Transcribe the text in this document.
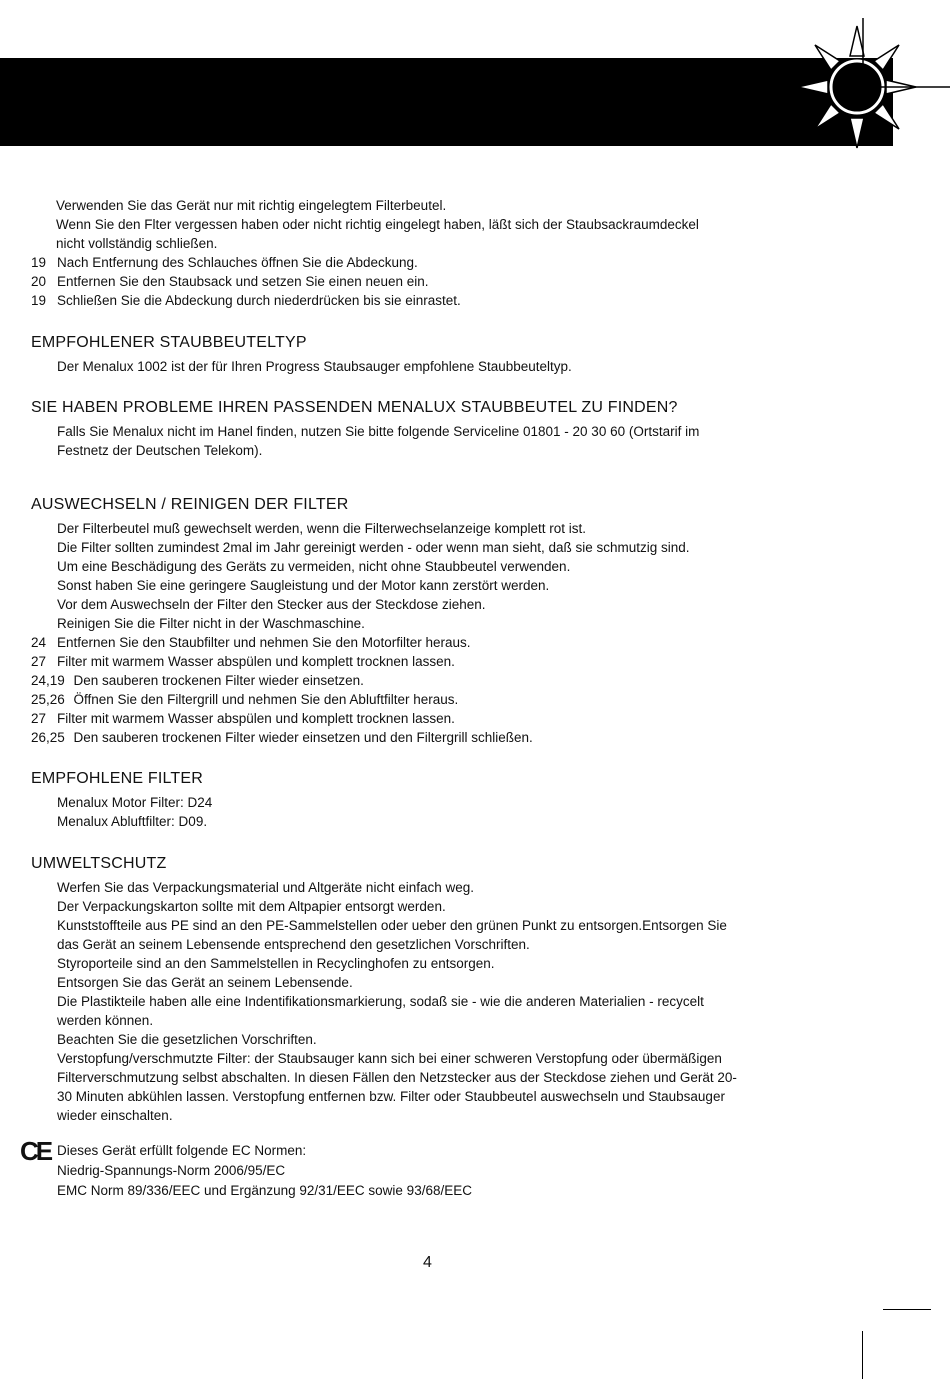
Verwenden Sie das Gerät nur mit richtig eingelegtem Filterbeutel.
Wenn Sie den Flter vergessen haben oder nicht richtig eingelegt haben, läßt sich der Staubsackraumdeckel
nicht vollständig schließen.
19 Nach Entfernung des Schlauches öffnen Sie die Abdeckung.
20 Entfernen Sie den Staubsack und setzen Sie einen neuen ein.
19 Schließen Sie die Abdeckung durch niederdrücken bis sie einrastet.
EMPFOHLENER STAUBBEUTELTYP
Der Menalux 1002 ist der für Ihren Progress Staubsauger empfohlene Staubbeuteltyp.
SIE HABEN PROBLEME IHREN PASSENDEN MENALUX STAUBBEUTEL ZU FINDEN?
Falls Sie Menalux nicht im Hanel finden, nutzen Sie bitte folgende Serviceline 01801 - 20 30 60 (Ortstarif im
Festnetz der Deutschen Telekom).
AUSWECHSELN / REINIGEN DER FILTER
Der Filterbeutel muß gewechselt werden, wenn die Filterwechselanzeige komplett rot ist.
Die Filter sollten zumindest 2mal im Jahr gereinigt werden - oder wenn man sieht, daß sie schmutzig sind.
Um eine Beschädigung des Geräts zu vermeiden, nicht ohne Staubbeutel verwenden.
Sonst haben Sie eine geringere Saugleistung und der Motor kann zerstört werden.
Vor dem Auswechseln der Filter den Stecker aus der Steckdose ziehen.
Reinigen Sie die Filter nicht in der Waschmaschine.
24 Entfernen Sie den Staubfilter und nehmen Sie den Motorfilter heraus.
27 Filter mit warmem Wasser abspülen und komplett trocknen lassen.
24,19 Den sauberen trockenen Filter wieder einsetzen.
25,26 Öffnen Sie den Filtergrill und nehmen Sie den Abluftfilter heraus.
27 Filter mit warmem Wasser abspülen und komplett trocknen lassen.
26,25 Den sauberen trockenen Filter wieder einsetzen und den Filtergrill schließen.
EMPFOHLENE FILTER
Menalux Motor Filter: D24
Menalux Abluftfilter: D09.
UMWELTSCHUTZ
Werfen Sie das Verpackungsmaterial und Altgeräte nicht einfach weg.
Der Verpackungskarton sollte mit dem Altpapier entsorgt werden.
Kunststoffteile aus PE sind an den PE-Sammelstellen oder ueber den grünen Punkt zu entsorgen.Entsorgen Sie
das Gerät an seinem Lebensende entsprechend den gesetzlichen Vorschriften.
Styroporteile sind an den Sammelstellen in Recyclinghofen zu entsorgen.
Entsorgen Sie das Gerät an seinem Lebensende.
Die Plastikteile haben alle eine Indentifikationsmarkierung, sodaß sie - wie die anderen Materialien - recycelt
werden können.
Beachten Sie die gesetzlichen Vorschriften.
Verstopfung/verschmutzte Filter: der Staubsauger kann sich bei einer schweren Verstopfung oder übermäßigen
Filterverschmutzung selbst abschalten. In diesen Fällen den Netzstecker aus der Steckdose ziehen und Gerät 20-
30 Minuten abkühlen lassen. Verstopfung entfernen bzw. Filter oder Staubbeutel auswechseln und Staubsauger
wieder einschalten.
CE Dieses Gerät erfüllt folgende EC Normen:
Niedrig-Spannungs-Norm 2006/95/EC
EMC Norm 89/336/EEC und Ergänzung 92/31/EEC sowie 93/68/EEC
4
